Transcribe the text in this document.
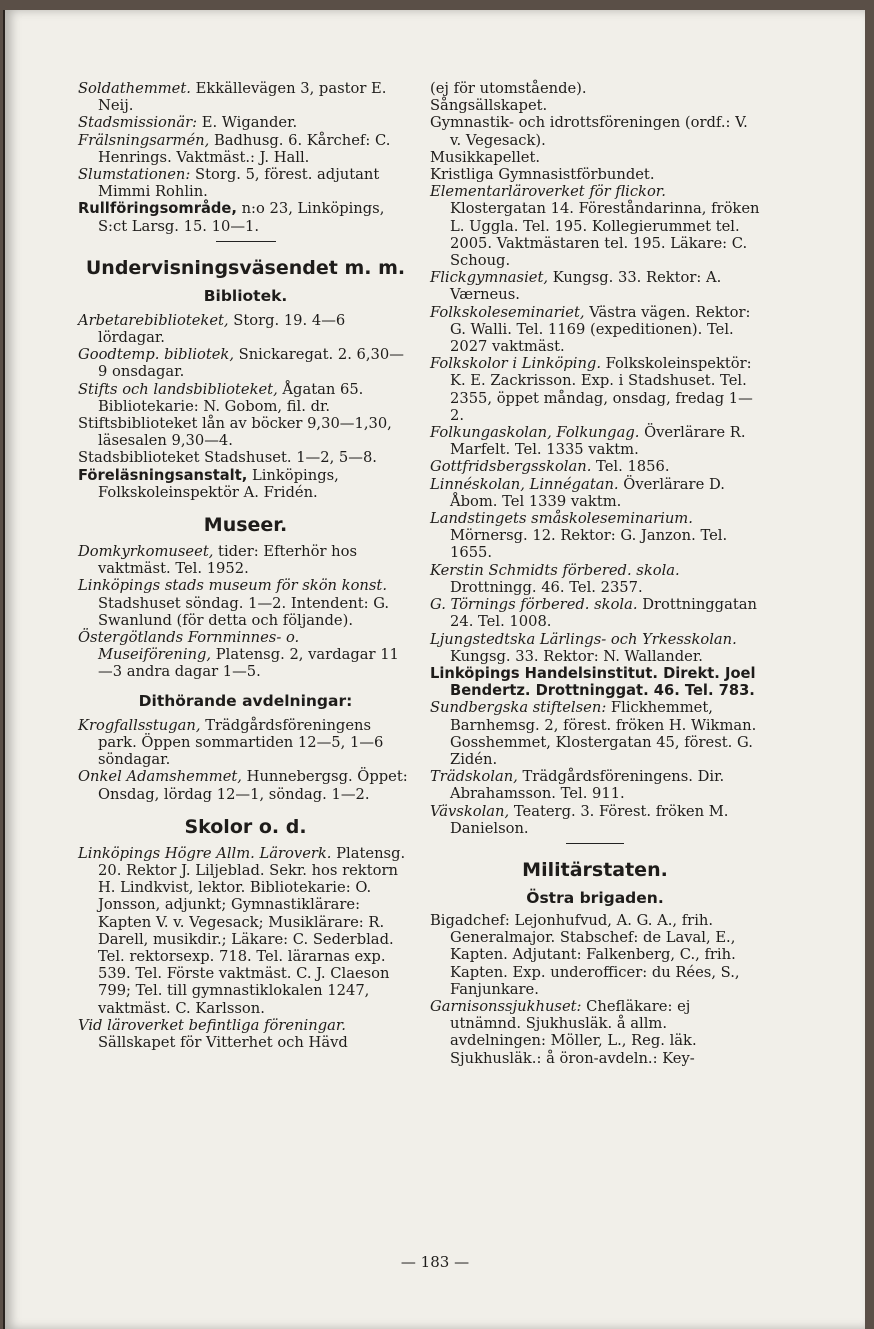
Soldathemmet. Ekkällevägen 3, pastor E. Neij.

Stadsmissionär: E. Wigander.

Frälsningsarmén, Badhusg. 6. Kårchef: C. Henrings. Vaktmäst.: J. Hall.

Slumstationen: Storg. 5, förest. adjutant Mimmi Rohlin.

Rullföringsområde, n:o 23, Linköpings, S:ct Larsg. 15. 10—1.

Undervisningsväsendet m. m.

Bibliotek.

Arbetarebiblioteket, Storg. 19. 4—6 lördagar.

Goodtemp. bibliotek, Snickaregat. 2. 6,30—9 onsdagar.

Stifts och landsbiblioteket, Ågatan 65. Bibliotekarie: N. Gobom, fil. dr.

Stiftsbiblioteket lån av böcker 9,30—1,30, läsesalen 9,30—4.

Stadsbiblioteket Stadshuset. 1—2, 5—8.

Föreläsningsanstalt, Linköpings, Folkskoleinspektör A. Fridén.

Museer.

Domkyrkomuseet, tider: Efterhör hos vaktmäst. Tel. 1952.

Linköpings stads museum för skön konst. Stadshuset söndag. 1—2. Intendent: G. Swanlund (för detta och följande).

Östergötlands Fornminnes- o. Museiförening, Platensg. 2, vardagar 11—3 andra dagar 1—5.

Dithörande avdelningar:

Krogfallsstugan, Trädgårdsföreningens park. Öppen sommartiden 12—5, 1—6 söndagar.

Onkel Adamshemmet, Hunnebergsg. Öppet: Onsdag, lördag 12—1, söndag. 1—2.

Skolor o. d.

Linköpings Högre Allm. Läroverk. Platensg. 20. Rektor J. Liljeblad. Sekr. hos rektorn H. Lindkvist, lektor. Bibliotekarie: O. Jonsson, adjunkt; Gymnastiklärare: Kapten V. v. Vegesack; Musiklärare: R. Darell, musikdir.; Läkare: C. Sederblad. Tel. rektorsexp. 718. Tel. lärarnas exp. 539. Tel. Förste vaktmäst. C. J. Claeson 799; Tel. till gymnastiklokalen 1247, vaktmäst. C. Karlsson.

Vid läroverket befintliga föreningar. Sällskapet för Vitterhet och Hävd

(ej för utomstående).

Sångsällskapet.

Gymnastik- och idrottsföreningen (ordf.: V. v. Vegesack).

Musikkapellet.

Kristliga Gymnasistförbundet.

Elementarläroverket för flickor. Klostergatan 14. Föreståndarinna, fröken L. Uggla. Tel. 195. Kollegierummet tel. 2005. Vaktmästaren tel. 195. Läkare: C. Schoug.

Flickgymnasiet, Kungsg. 33. Rektor: A. Værneus.

Folkskoleseminariet, Västra vägen. Rektor: G. Walli. Tel. 1169 (expeditionen). Tel. 2027 vaktmäst.

Folkskolor i Linköping. Folkskoleinspektör: K. E. Zackrisson. Exp. i Stadshuset. Tel. 2355, öppet måndag, onsdag, fredag 1—2.

Folkungaskolan, Folkungag. Överlärare R. Marfelt. Tel. 1335 vaktm.

Gottfridsbergsskolan. Tel. 1856.

Linnéskolan, Linnégatan. Överlärare D. Åbom. Tel 1339 vaktm.

Landstingets småskoleseminarium. Mörnersg. 12. Rektor: G. Janzon. Tel. 1655.

Kerstin Schmidts förbered. skola. Drottningg. 46. Tel. 2357.

G. Törnings förbered. skola. Drottninggatan 24. Tel. 1008.

Ljungstedtska Lärlings- och Yrkesskolan. Kungsg. 33. Rektor: N. Wallander.

Linköpings Handelsinstitut. Direkt. Joel Bendertz. Drottninggat. 46. Tel. 783.

Sundbergska stiftelsen: Flickhemmet, Barnhemsg. 2, förest. fröken H. Wikman. Gosshemmet, Klostergatan 45, förest. G. Zidén.

Trädskolan, Trädgårdsföreningens. Dir. Abrahamsson. Tel. 911.

Vävskolan, Teaterg. 3. Förest. fröken M. Danielson.

Militärstaten.

Östra brigaden.

Bigadchef: Lejonhufvud, A. G. A., frih. Generalmajor. Stabschef: de Laval, E., Kapten. Adjutant: Falkenberg, C., frih. Kapten. Exp. underofficer: du Rées, S., Fanjunkare.

Garnisonssjukhuset: Chefläkare: ej utnämnd. Sjukhusläk. å allm. avdelningen: Möller, L., Reg. läk. Sjukhusläk.: å öron-avdeln.: Key-

— 183 —
